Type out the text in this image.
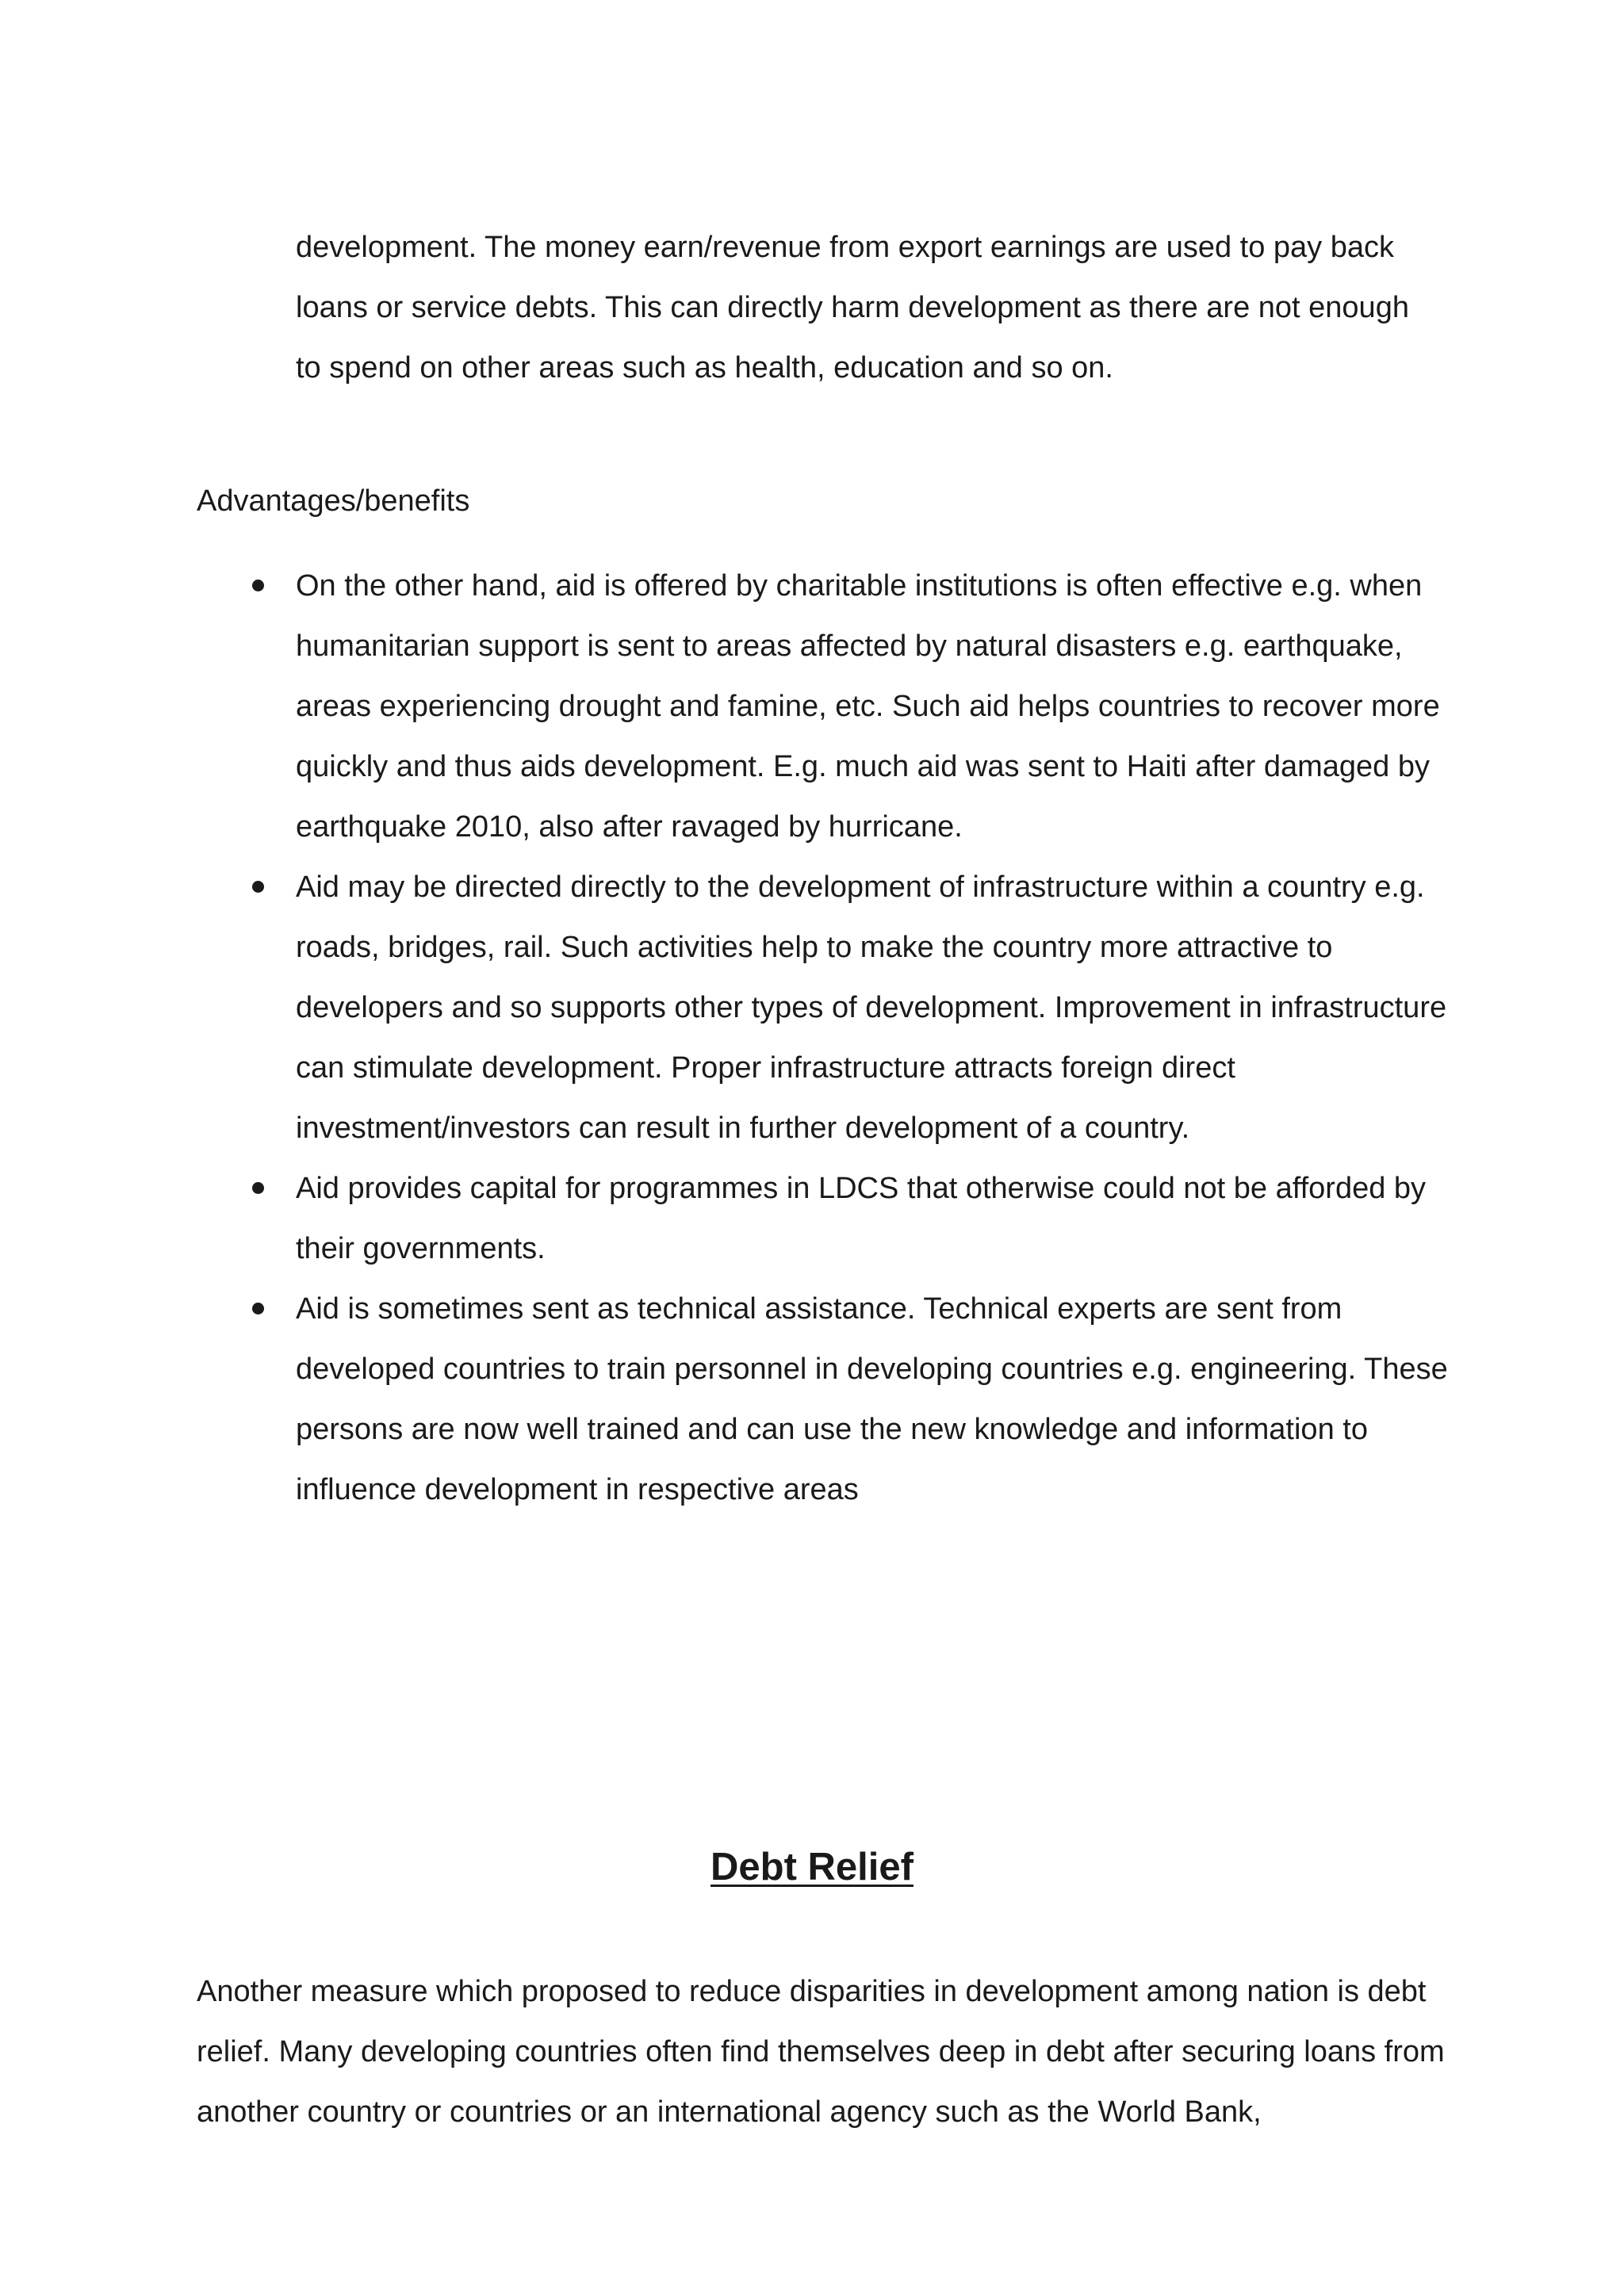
development. The money earn/revenue from export earnings are used to pay back loans or service debts. This can directly harm development as there are not enough to spend on other areas such as health, education and so on.

Advantages/benefits
On the other hand, aid is offered by charitable institutions is often effective e.g. when humanitarian support is sent to areas affected by natural disasters e.g. earthquake, areas experiencing drought and famine, etc. Such aid helps countries to recover more quickly and thus aids development. E.g. much aid was sent to Haiti after damaged by earthquake 2010, also after ravaged by hurricane.
Aid may be directed directly to the development of infrastructure within a country e.g. roads, bridges, rail. Such activities help to make the country more attractive to developers and so supports other types of development. Improvement in infrastructure can stimulate development. Proper infrastructure attracts foreign direct investment/investors can result in further development of a country.
Aid provides capital for programmes in LDCS that otherwise could not be afforded by their governments.
Aid is sometimes sent as technical assistance. Technical experts are sent from developed countries to train personnel in developing countries e.g. engineering. These persons are now well trained and can use the new knowledge and information to influence development in respective areas
Debt Relief

Another measure which proposed to reduce disparities in development among nation is debt relief. Many developing countries often find themselves deep in debt after securing loans from another country or countries or an international agency such as the World Bank,
